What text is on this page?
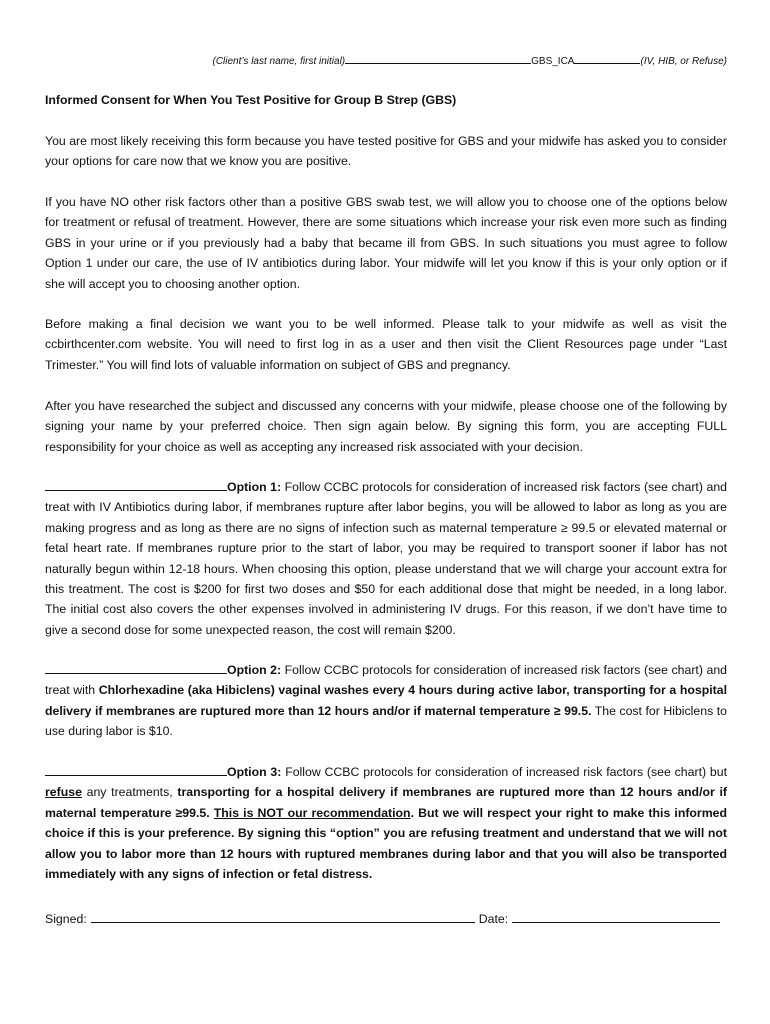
(Client’s last name, first initial)	GBS_ICA	(IV, HIB, or Refuse)
Informed Consent for When You Test Positive for Group B Strep (GBS)

You are most likely receiving this form because you have tested positive for GBS and your midwife has asked you to consider your options for care now that we know you are positive.

If you have NO other risk factors other than a positive GBS swab test, we will allow you to choose one of the options below for treatment or refusal of treatment. However, there are some situations which increase your risk even more such as finding GBS in your urine or if you previously had a baby that became ill from GBS. In such situations you must agree to follow Option 1 under our care, the use of IV antibiotics during labor. Your midwife will let you know if this is your only option or if she will accept you to choosing another option.

Before making a final decision we want you to be well informed. Please talk to your midwife as well as visit the ccbirthcenter.com website. You will need to first log in as a user and then visit the Client Resources page under “Last Trimester.” You will find lots of valuable information on subject of GBS and pregnancy.

After you have researched the subject and discussed any concerns with your midwife, please choose one of the following by signing your name by your preferred choice. Then sign again below. By signing this form, you are accepting FULL responsibility for your choice as well as accepting any increased risk associated with your decision.

Option 1: Follow CCBC protocols for consideration of increased risk factors (see chart) and treat with IV Antibiotics during labor, if membranes rupture after labor begins, you will be allowed to labor as long as you are making progress and as long as there are no signs of infection such as maternal temperature ≥ 99.5 or elevated maternal or fetal heart rate. If membranes rupture prior to the start of labor, you may be required to transport sooner if labor has not naturally begun within 12-18 hours. When choosing this option, please understand that we will charge your account extra for this treatment. The cost is $200 for first two doses and $50 for each additional dose that might be needed, in a long labor. The initial cost also covers the other expenses involved in administering IV drugs. For this reason, if we don’t have time to give a second dose for some unexpected reason, the cost will remain $200.

Option 2: Follow CCBC protocols for consideration of increased risk factors (see chart) and treat with Chlorhexadine (aka Hibiclens) vaginal washes every 4 hours during active labor, transporting for a hospital delivery if membranes are ruptured more than 12 hours and/or if maternal temperature ≥ 99.5. The cost for Hibiclens to use during labor is $10.

Option 3: Follow CCBC protocols for consideration of increased risk factors (see chart) but refuse any treatments, transporting for a hospital delivery if membranes are ruptured more than 12 hours and/or if maternal temperature ≥99.5. This is NOT our recommendation. But we will respect your right to make this informed choice if this is your preference. By signing this “option” you are refusing treatment and understand that we will not allow you to labor more than 12 hours with ruptured membranes during labor and that you will also be transported immediately with any signs of infection or fetal distress.

Signed:	Date:
